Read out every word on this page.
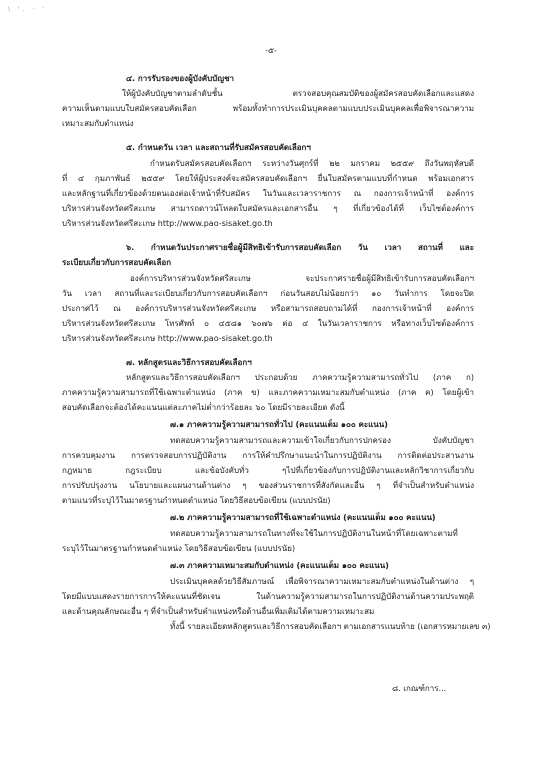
\ '. · '
-๕-
๔. การรับรองของผู้บังคับบัญชา
ให้ผู้บังคับบัญชาตามลำดับชั้น ตรวจสอบคุณสมบัติของผู้สมัครสอบคัดเลือกและแสดง
ความเห็นตามแบบใบสมัครสอบคัดเลือก พร้อมทั้งทำการประเมินบุคคลตามแบบประเมินบุคคลเพื่อพิจารณาความ
เหมาะสมกับตำแหน่ง
๕. กำหนดวัน เวลา และสถานที่รับสมัครสอบคัดเลือกฯ
กำหนดรับสมัครสอบคัดเลือกฯ ระหว่างวันศุกร์ที่ ๒๒ มกราคม ๒๕๕๙ ถึงวันพฤหัสบดี
ที่ ๔ กุมภาพันธ์ ๒๕๕๙ โดยให้ผู้ประสงค์จะสมัครสอบคัดเลือกฯ ยื่นใบสมัครตามแบบที่กำหนด พร้อมเอกสาร
และหลักฐานที่เกี่ยวข้องด้วยตนเองต่อเจ้าหน้าที่รับสมัคร ในวันและเวลาราชการ ณ กองการเจ้าหน้าที่ องค์การ
บริหารส่วนจังหวัดศรีสะเกษ สามารถดาวน์โหลดใบสมัครและเอกสารอื่น ๆ ที่เกี่ยวข้องได้ที่ เว็บไซต์องค์การ
บริหารส่วนจังหวัดศรีสะเกษ http://www.pao-sisaket.go.th
๖. กำหนดวันประกาศรายชื่อผู้มีสิทธิเข้ารับการสอบคัดเลือก วัน เวลา สถานที่ และ
ระเบียบเกี่ยวกับการสอบคัดเลือก
องค์การบริหารส่วนจังหวัดศรีสะเกษ จะประกาศรายชื่อผู้มีสิทธิเข้ารับการสอบคัดเลือกฯ
วัน เวลา สถานที่และระเบียบเกี่ยวกับการสอบคัดเลือกฯ ก่อนวันสอบไม่น้อยกว่า ๑๐ วันทำการ โดยจะปิด
ประกาศไว้ ณ องค์การบริหารส่วนจังหวัดศรีสะเกษ หรือสามารถสอบถามได้ที่ กองการเจ้าหน้าที่ องค์การ
บริหารส่วนจังหวัดศรีสะเกษ โทรศัพท์ ๐ ๔๕๘๑ ๖๐๗๖ ต่อ ๔ ในวันเวลาราชการ หรือทางเว็บไซต์องค์การ
บริหารส่วนจังหวัดศรีสะเกษ http://www.pao-sisaket.go.th
๗. หลักสูตรและวิธีการสอบคัดเลือกฯ
หลักสูตรและวิธีการสอบคัดเลือกฯ ประกอบด้วย ภาคความรู้ความสามารถทั่วไป (ภาค ก)
ภาคความรู้ความสามารถที่ใช้เฉพาะตำแหน่ง (ภาค ข) และภาคความเหมาะสมกับตำแหน่ง (ภาค ค) โดยผู้เข้า
สอบคัดเลือกจะต้องได้คะแนนแต่ละภาคไม่ต่ำกว่าร้อยละ ๖๐ โดยมีรายละเอียด ดังนี้
๗.๑ ภาคความรู้ความสามารถทั่วไป (คะแนนเต็ม ๑๐๐ คะแนน)
ทดสอบความรู้ความสามารถและความเข้าใจเกี่ยวกับการปกครอง บังคับบัญชา
การควบคุมงาน การตรวจสอบการปฏิบัติงาน การให้คำปรึกษาแนะนำในการปฏิบัติงาน การติดต่อประสานงาน
กฎหมาย กฎระเบียบ และข้อบังคับทั่ว ๆไปที่เกี่ยวข้องกับการปฏิบัติงานและหลักวิชาการเกี่ยวกับ
การปรับปรุงงาน นโยบายและแผนงานด้านต่าง ๆ ของส่วนราชการที่สังกัดและอื่น ๆ ที่จำเป็นสำหรับตำแหน่ง
ตามแนวที่ระบุไว้ในมาตรฐานกำหนดตำแหน่ง โดยวิธีสอบข้อเขียน (แบบปรนัย)
๗.๒ ภาคความรู้ความสามารถที่ใช้เฉพาะตำแหน่ง (คะแนนเต็ม ๑๐๐ คะแนน)
ทดสอบความรู้ความสามารถในทางที่จะใช้ในการปฏิบัติงานในหน้าที่โดยเฉพาะตามที่
ระบุไว้ในมาตรฐานกำหนดตำแหน่ง โดยวิธีสอบข้อเขียน (แบบปรนัย)
๗.๓ ภาคความเหมาะสมกับตำแหน่ง (คะแนนเต็ม ๑๐๐ คะแนน)
ประเมินบุคคลด้วยวิธีสัมภาษณ์ เพื่อพิจารณาความเหมาะสมกับตำแหน่งในด้านต่าง ๆ
โดยมีแบบแสดงรายการการให้คะแนนที่ชัดเจน ในด้านความรู้ความสามารถในการปฏิบัติงานด้านความประพฤติ
และด้านคุณลักษณะอื่น ๆ ที่จำเป็นสำหรับตำแหน่งหรือด้านอื่นเพิ่มเติมได้ตามความเหมาะสม
ทั้งนี้ รายละเอียดหลักสูตรและวิธีการสอบคัดเลือกฯ ตามเอกสารแนบท้าย (เอกสารหมายเลข ๓)
๘. เกณฑ์การ...
